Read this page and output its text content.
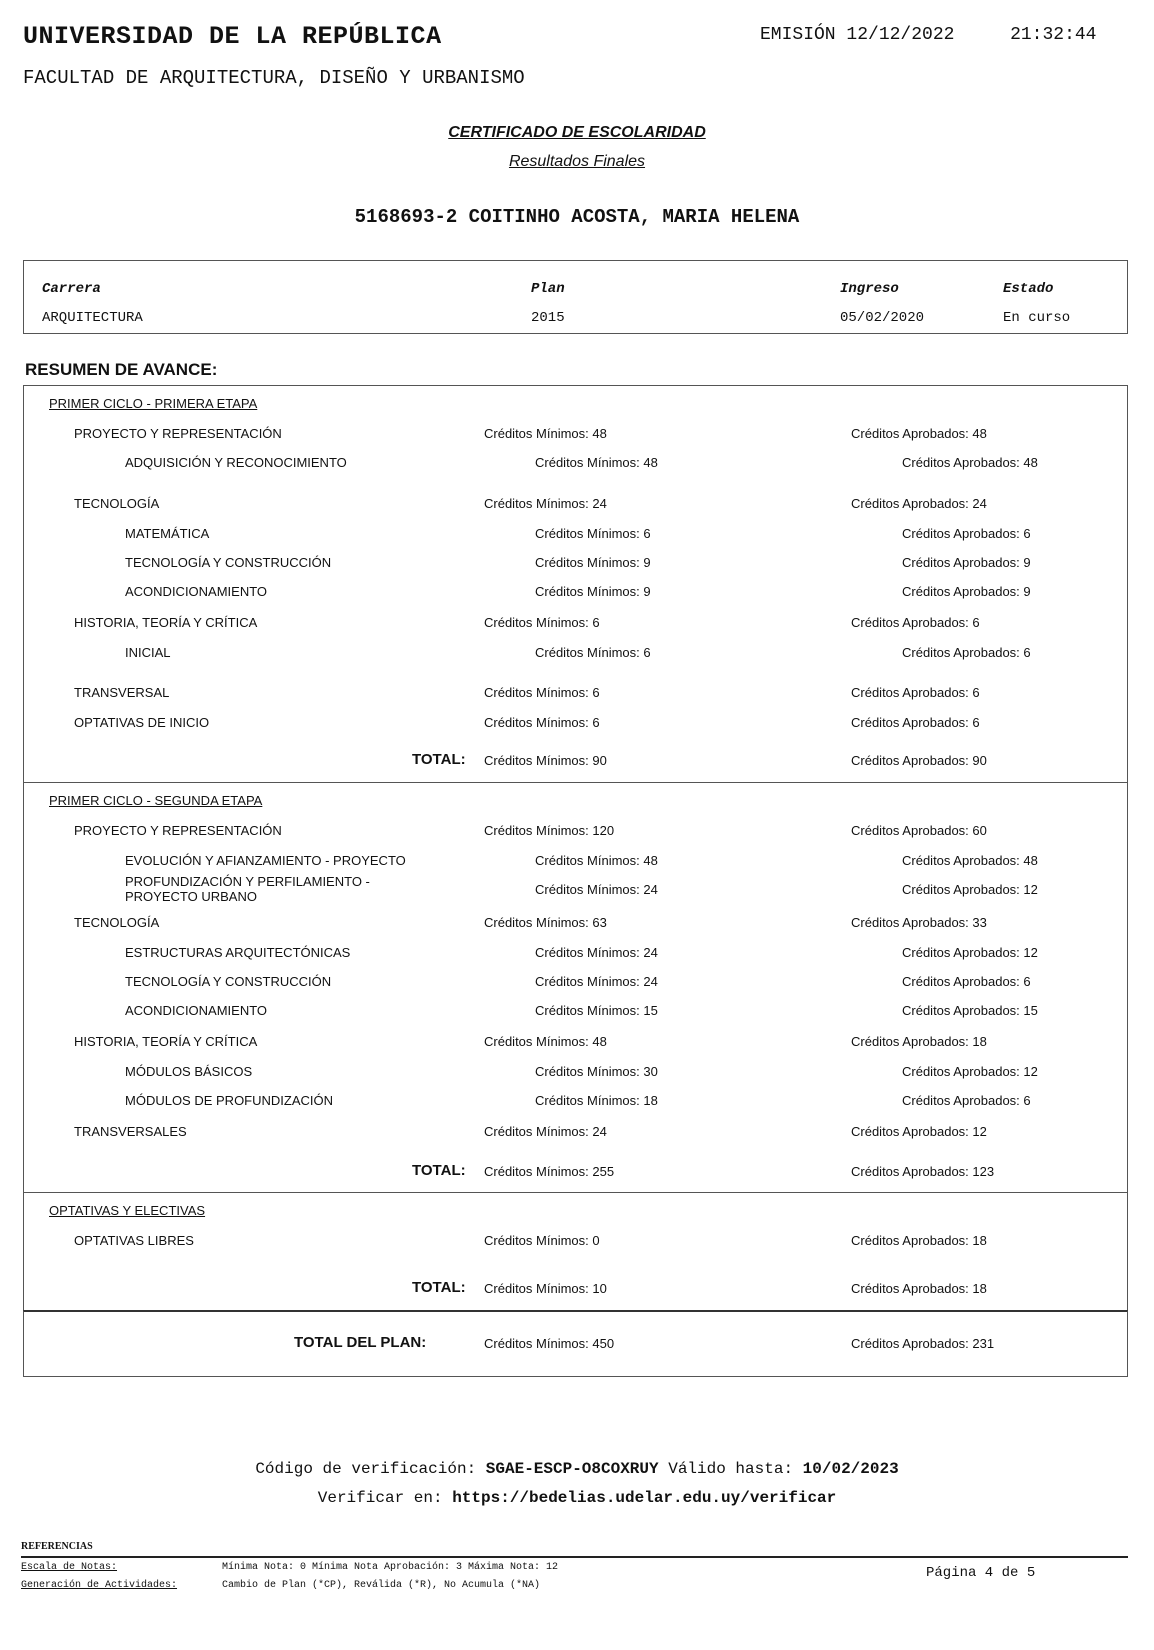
UNIVERSIDAD DE LA REPÚBLICA	EMISIÓN 12/12/2022	21:32:44
FACULTAD DE ARQUITECTURA, DISEÑO Y URBANISMO
CERTIFICADO DE ESCOLARIDAD
Resultados Finales
5168693-2 COITINHO ACOSTA, MARIA HELENA
Carrera	Plan	Ingreso	Estado
ARQUITECTURA	2015	05/02/2020	En curso
RESUMEN DE AVANCE:
PRIMER CICLO - PRIMERA ETAPA
PROYECTO Y REPRESENTACIÓN	Créditos Mínimos: 48	Créditos Aprobados: 48
ADQUISICIÓN Y RECONOCIMIENTO	Créditos Mínimos: 48	Créditos Aprobados: 48
TECNOLOGÍA	Créditos Mínimos: 24	Créditos Aprobados: 24
MATEMÁTICA	Créditos Mínimos: 6	Créditos Aprobados: 6
TECNOLOGÍA Y CONSTRUCCIÓN	Créditos Mínimos: 9	Créditos Aprobados: 9
ACONDICIONAMIENTO	Créditos Mínimos: 9	Créditos Aprobados: 9
HISTORIA, TEORÍA Y CRÍTICA	Créditos Mínimos: 6	Créditos Aprobados: 6
INICIAL	Créditos Mínimos: 6	Créditos Aprobados: 6
TRANSVERSAL	Créditos Mínimos: 6	Créditos Aprobados: 6
OPTATIVAS DE INICIO	Créditos Mínimos: 6	Créditos Aprobados: 6
TOTAL: Créditos Mínimos: 90	Créditos Aprobados: 90
PRIMER CICLO - SEGUNDA ETAPA
PROYECTO Y REPRESENTACIÓN	Créditos Mínimos: 120	Créditos Aprobados: 60
EVOLUCIÓN Y AFIANZAMIENTO - PROYECTO	Créditos Mínimos: 48	Créditos Aprobados: 48
PROFUNDIZACIÓN Y PERFILAMIENTO - PROYECTO URBANO	Créditos Mínimos: 24	Créditos Aprobados: 12
TECNOLOGÍA	Créditos Mínimos: 63	Créditos Aprobados: 33
ESTRUCTURAS ARQUITECTÓNICAS	Créditos Mínimos: 24	Créditos Aprobados: 12
TECNOLOGÍA Y CONSTRUCCIÓN	Créditos Mínimos: 24	Créditos Aprobados: 6
ACONDICIONAMIENTO	Créditos Mínimos: 15	Créditos Aprobados: 15
HISTORIA, TEORÍA Y CRÍTICA	Créditos Mínimos: 48	Créditos Aprobados: 18
MÓDULOS BÁSICOS	Créditos Mínimos: 30	Créditos Aprobados: 12
MÓDULOS DE PROFUNDIZACIÓN	Créditos Mínimos: 18	Créditos Aprobados: 6
TRANSVERSALES	Créditos Mínimos: 24	Créditos Aprobados: 12
TOTAL: Créditos Mínimos: 255	Créditos Aprobados: 123
OPTATIVAS Y ELECTIVAS
OPTATIVAS LIBRES	Créditos Mínimos: 0	Créditos Aprobados: 18
TOTAL: Créditos Mínimos: 10	Créditos Aprobados: 18
TOTAL DEL PLAN:	Créditos Mínimos: 450	Créditos Aprobados: 231
Código de verificación: SGAE-ESCP-O8COXRUY Válido hasta: 10/02/2023
Verificar en: https://bedelias.udelar.edu.uy/verificar
REFERENCIAS
Escala de Notas:	Mínima Nota: 0 Mínima Nota Aprobación: 3 Máxima Nota: 12
Generación de Actividades:	Cambio de Plan (*CP), Reválida (*R), No Acumula (*NA)
Página 4 de 5
